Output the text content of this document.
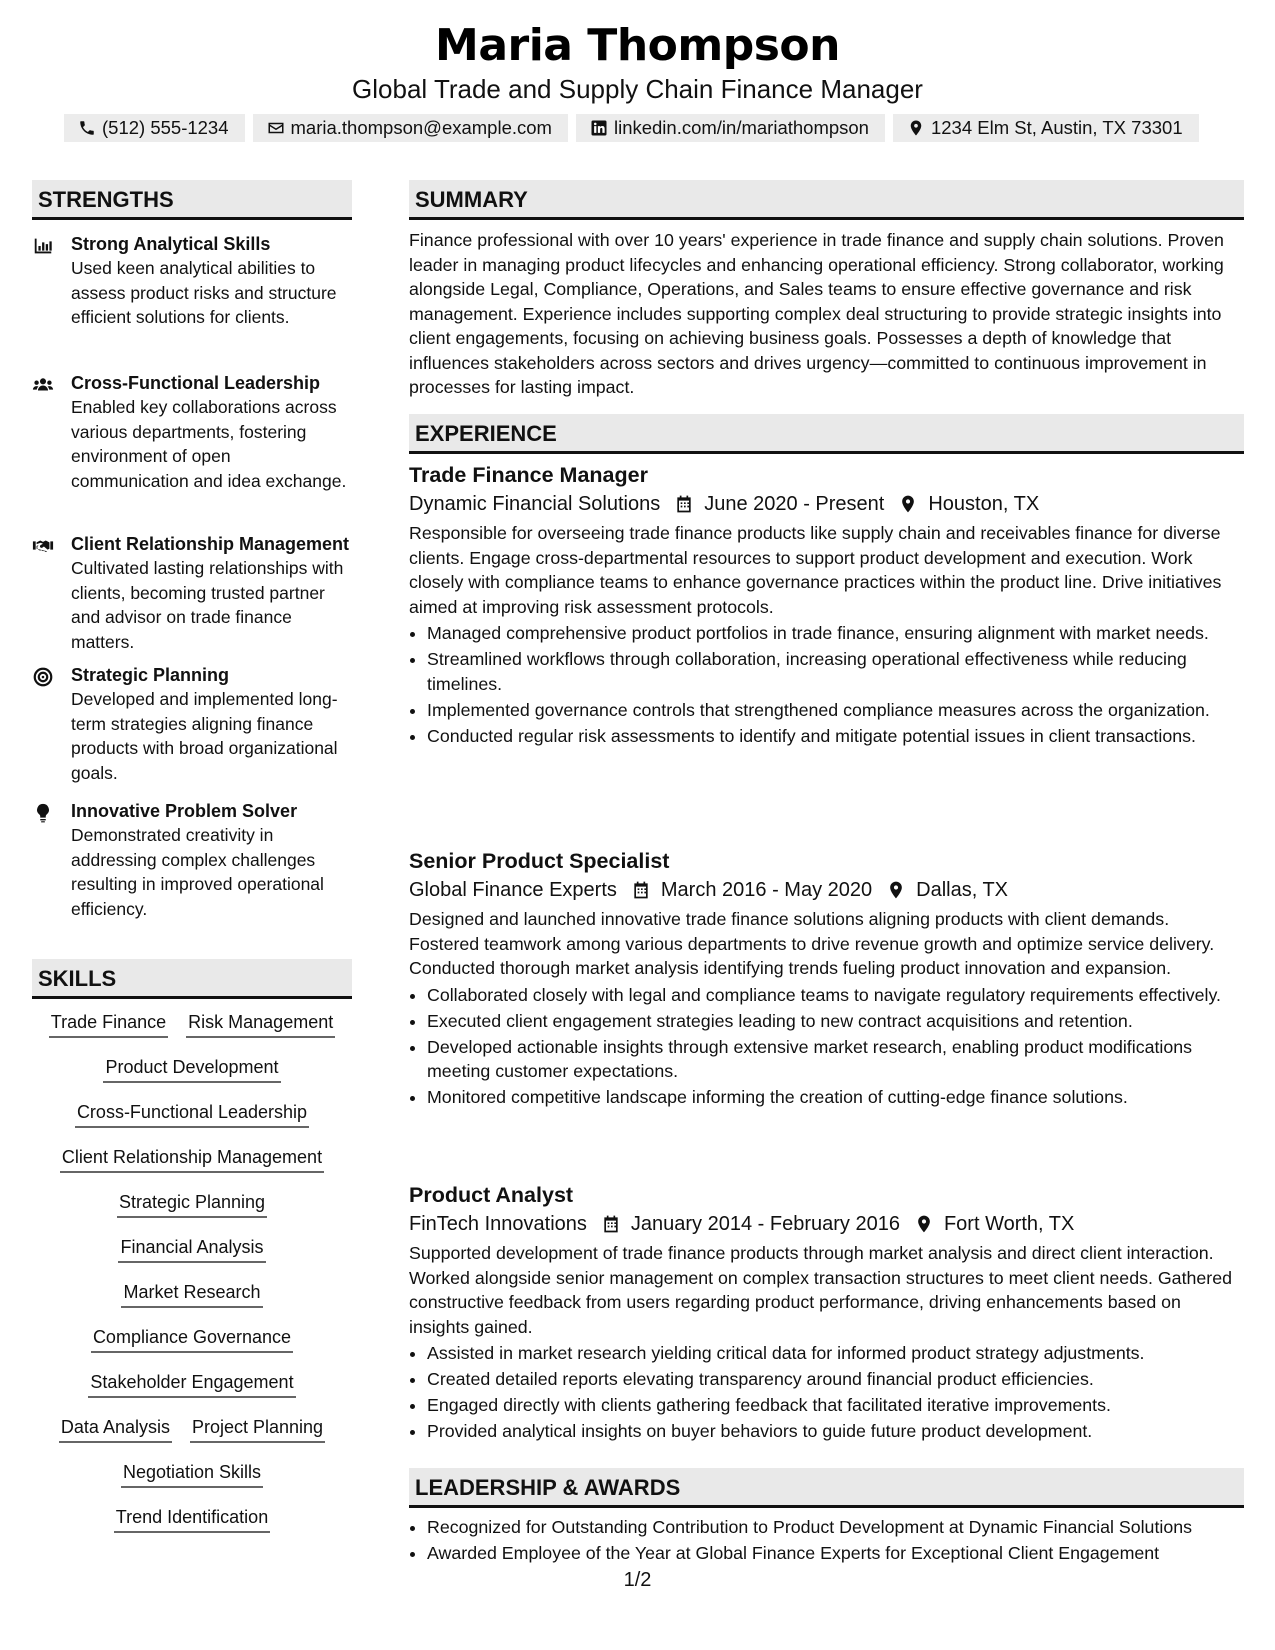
Maria Thompson
Global Trade and Supply Chain Finance Manager
(512) 555-1234	maria.thompson@example.com	linkedin.com/in/mariathompson	1234 Elm St, Austin, TX 73301
STRENGTHS
Strong Analytical Skills
Used keen analytical abilities to assess product risks and structure efficient solutions for clients.
Cross-Functional Leadership
Enabled key collaborations across various departments, fostering environment of open communication and idea exchange.
Client Relationship Management
Cultivated lasting relationships with clients, becoming trusted partner and advisor on trade finance matters.
Strategic Planning
Developed and implemented long-term strategies aligning finance products with broad organizational goals.
Innovative Problem Solver
Demonstrated creativity in addressing complex challenges resulting in improved operational efficiency.
SKILLS
Trade Finance Risk Management
Product Development
Cross-Functional Leadership
Client Relationship Management
Strategic Planning
Financial Analysis
Market Research
Compliance Governance
Stakeholder Engagement
Data Analysis Project Planning
Negotiation Skills
Trend Identification
SUMMARY

Finance professional with over 10 years' experience in trade finance and supply chain solutions. Proven leader in managing product lifecycles and enhancing operational efficiency. Strong collaborator, working alongside Legal, Compliance, Operations, and Sales teams to ensure effective governance and risk management. Experience includes supporting complex deal structuring to provide strategic insights into client engagements, focusing on achieving business goals. Possesses a depth of knowledge that influences stakeholders across sectors and drives urgency—committed to continuous improvement in processes for lasting impact.

EXPERIENCE
Trade Finance Manager
Dynamic Financial Solutions June 2020 - Present Houston, TX

Responsible for overseeing trade finance products like supply chain and receivables finance for diverse clients. Engage cross-departmental resources to support product development and execution. Work closely with compliance teams to enhance governance practices within the product line. Drive initiatives aimed at improving risk assessment protocols.

• Managed comprehensive product portfolios in trade finance, ensuring alignment with market needs.
• Streamlined workflows through collaboration, increasing operational effectiveness while reducing timelines.
• Implemented governance controls that strengthened compliance measures across the organization.
• Conducted regular risk assessments to identify and mitigate potential issues in client transactions.
Senior Product Specialist
Global Finance Experts March 2016 - May 2020 Dallas, TX

Designed and launched innovative trade finance solutions aligning products with client demands. Fostered teamwork among various departments to drive revenue growth and optimize service delivery. Conducted thorough market analysis identifying trends fueling product innovation and expansion.

• Collaborated closely with legal and compliance teams to navigate regulatory requirements effectively.
• Executed client engagement strategies leading to new contract acquisitions and retention.
• Developed actionable insights through extensive market research, enabling product modifications meeting customer expectations.
• Monitored competitive landscape informing the creation of cutting-edge finance solutions.
Product Analyst
FinTech Innovations January 2014 - February 2016 Fort Worth, TX

Supported development of trade finance products through market analysis and direct client interaction. Worked alongside senior management on complex transaction structures to meet client needs. Gathered constructive feedback from users regarding product performance, driving enhancements based on insights gained.

• Assisted in market research yielding critical data for informed product strategy adjustments.
• Created detailed reports elevating transparency around financial product efficiencies.
• Engaged directly with clients gathering feedback that facilitated iterative improvements.
• Provided analytical insights on buyer behaviors to guide future product development.
LEADERSHIP & AWARDS
• Recognized for Outstanding Contribution to Product Development at Dynamic Financial Solutions
• Awarded Employee of the Year at Global Finance Experts for Exceptional Client Engagement
1/2
